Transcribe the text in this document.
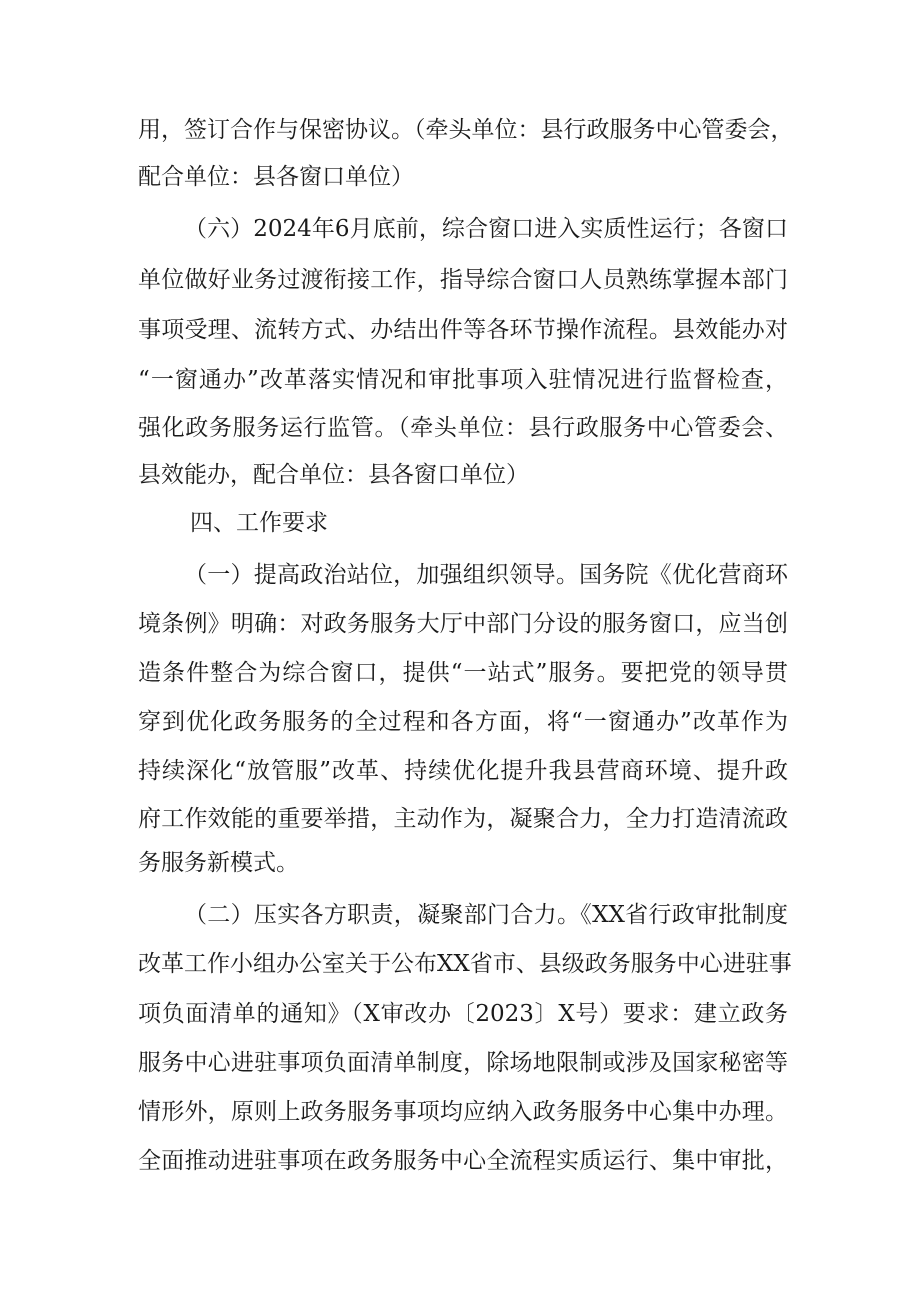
用，签订合作与保密协议。（牵头单位：县行政服务中心管委会，
配合单位：县各窗口单位）
（六）2024年6月底前，综合窗口进入实质性运行；各窗口
单位做好业务过渡衔接工作，指导综合窗口人员熟练掌握本部门
事项受理、流转方式、办结出件等各环节操作流程。县效能办对
“一窗通办”改革落实情况和审批事项入驻情况进行监督检查，
强化政务服务运行监管。（牵头单位：县行政服务中心管委会、
县效能办，配合单位：县各窗口单位）
四、工作要求
（一）提高政治站位，加强组织领导。国务院《优化营商环
境条例》明确：对政务服务大厅中部门分设的服务窗口，应当创
造条件整合为综合窗口，提供“一站式”服务。要把党的领导贯
穿到优化政务服务的全过程和各方面，将“一窗通办”改革作为
持续深化“放管服”改革、持续优化提升我县营商环境、提升政
府工作效能的重要举措，主动作为，凝聚合力，全力打造清流政
务服务新模式。
（二）压实各方职责，凝聚部门合力。《XX省行政审批制度
改革工作小组办公室关于公布XX省市、县级政务服务中心进驻事
项负面清单的通知》（X审改办〔2023〕X号）要求：建立政务
服务中心进驻事项负面清单制度，除场地限制或涉及国家秘密等
情形外，原则上政务服务事项均应纳入政务服务中心集中办理。
全面推动进驻事项在政务服务中心全流程实质运行、集中审批，
